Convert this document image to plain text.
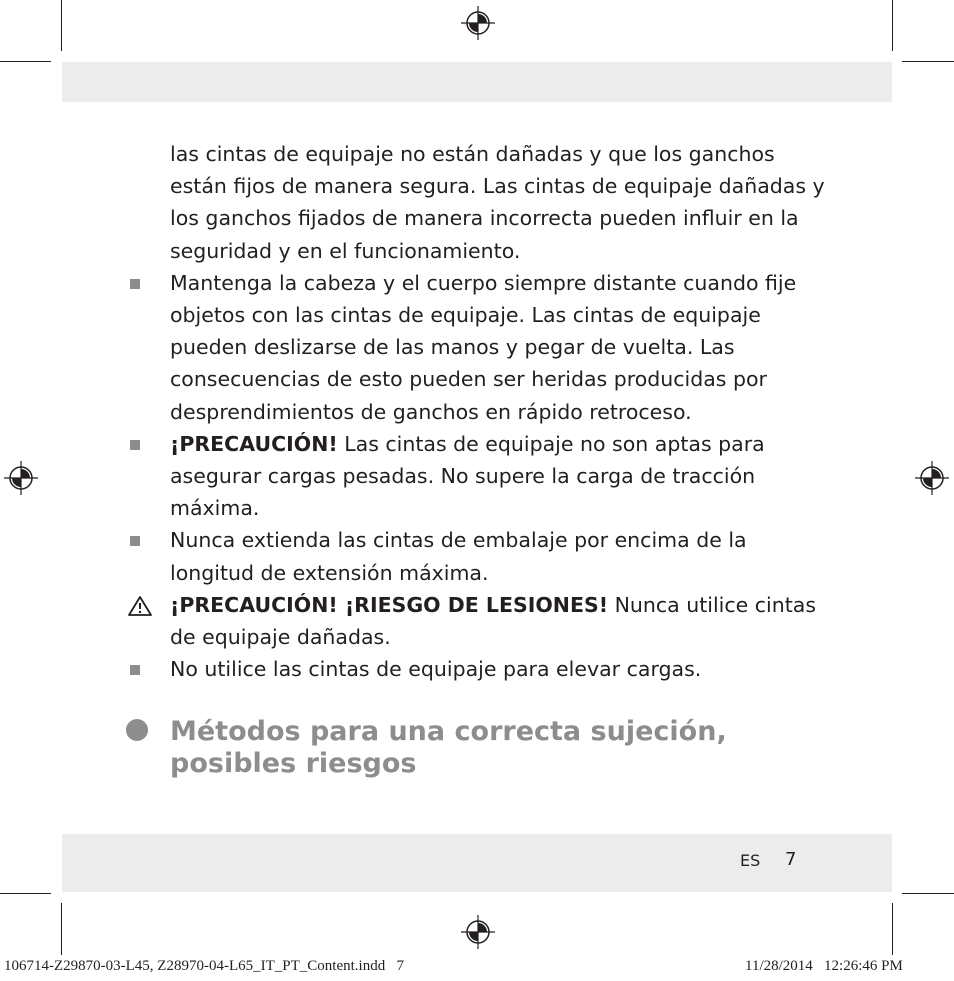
las cintas de equipaje no están dañadas y que los ganchos están fijos de manera segura. Las cintas de equipaje dañadas y los ganchos fijados de manera incorrecta pueden influir en la seguridad y en el funcionamiento.

Mantenga la cabeza y el cuerpo siempre distante cuando fije objetos con las cintas de equipaje. Las cintas de equipaje pueden deslizarse de las manos y pegar de vuelta. Las consecuencias de esto pueden ser heridas producidas por desprendimientos de ganchos en rápido retroceso.
¡PRECAUCIÓN! Las cintas de equipaje no son aptas para asegurar cargas pesadas. No supere la carga de tracción máxima.
Nunca extienda las cintas de embalaje por encima de la longitud de extensión máxima.
¡PRECAUCIÓN! ¡RIESGO DE LESIONES! Nunca utilice cintas de equipaje dañadas.
No utilice las cintas de equipaje para elevar cargas.
Métodos para una correcta sujeción, posibles riesgos
ES 7
106714-Z29870-03-L45, Z28970-04-L65_IT_PT_Content.indd   7	11/28/2014   12:26:46 PM
